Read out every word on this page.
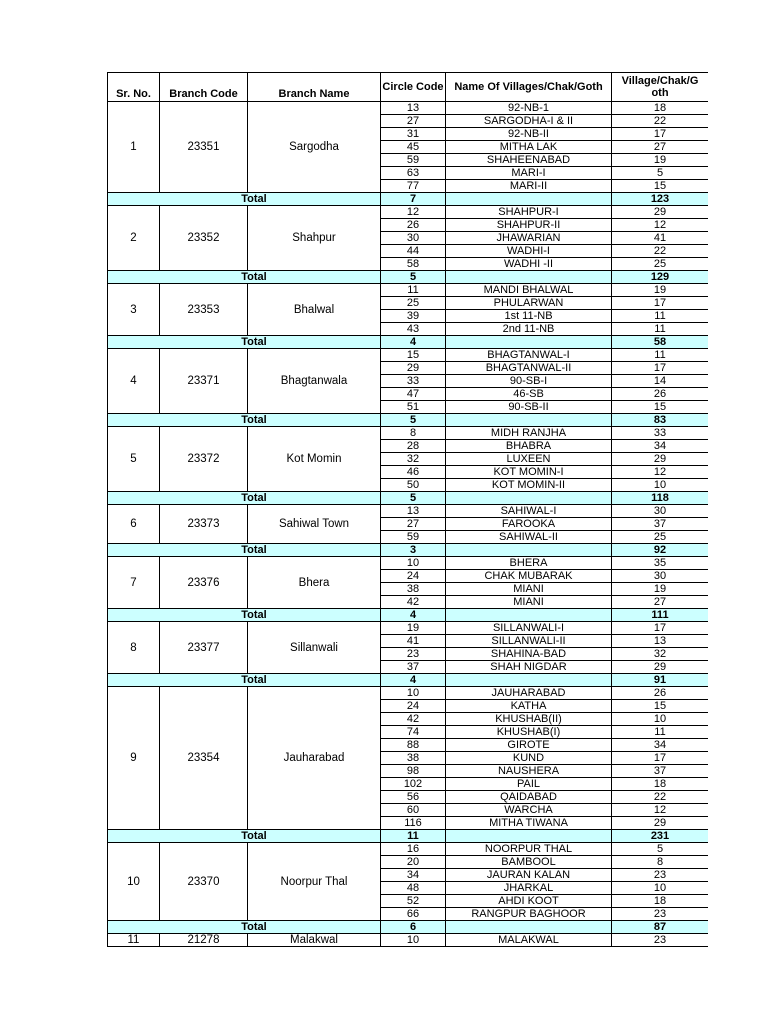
Sr. No.	Branch Code	Branch Name	Circle Code	Name Of Villages/Chak/Goth	Village/Chak/G oth
1	23351	Sargodha	13	92-NB-1	18
			27	SARGODHA-I & II	22
			31	92-NB-II	17
			45	MITHA LAK	27
			59	SHAHEENABAD	19
			63	MARI-I	5
			77	MARI-II	15
Total			7		123
2	23352	Shahpur	12	SHAHPUR-I	29
			26	SHAHPUR-II	12
			30	JHAWARIAN	41
			44	WADHI-I	22
			58	WADHI -II	25
Total			5		129
3	23353	Bhalwal	11	MANDI BHALWAL	19
			25	PHULARWAN	17
			39	1st 11-NB	11
			43	2nd 11-NB	11
Total			4		58
4	23371	Bhagtanwala	15	BHAGTANWAL-I	11
			29	BHAGTANWAL-II	17
			33	90-SB-I	14
			47	46-SB	26
			51	90-SB-II	15
Total			5		83
5	23372	Kot Momin	8	MIDH RANJHA	33
			28	BHABRA	34
			32	LUXEEN	29
			46	KOT MOMIN-I	12
			50	KOT MOMIN-II	10
Total			5		118
6	23373	Sahiwal Town	13	SAHIWAL-I	30
			27	FAROOKA	37
			59	SAHIWAL-II	25
Total			3		92
7	23376	Bhera	10	BHERA	35
			24	CHAK MUBARAK	30
			38	MIANI	19
			42	MIANI	27
Total			4		111
8	23377	Sillanwali	19	SILLANWALI-I	17
			41	SILLANWALI-II	13
			23	SHAHINA-BAD	32
			37	SHAH NIGDAR	29
Total			4		91
9	23354	Jauharabad	10	JAUHARABAD	26
			24	KATHA	15
			42	KHUSHAB(II)	10
			74	KHUSHAB(I)	11
			88	GIROTE	34
			38	KUND	17
			98	NAUSHERA	37
			102	PAIL	18
			56	QAIDABAD	22
			60	WARCHA	12
			116	MITHA TIWANA	29
Total			11		231
10	23370	Noorpur Thal	16	NOORPUR THAL	5
			20	BAMBOOL	8
			34	JAURAN KALAN	23
			48	JHARKAL	10
			52	AHDI KOOT	18
			66	RANGPUR BAGHOOR	23
Total			6		87
11	21278	Malakwal	10	MALAKWAL	23
